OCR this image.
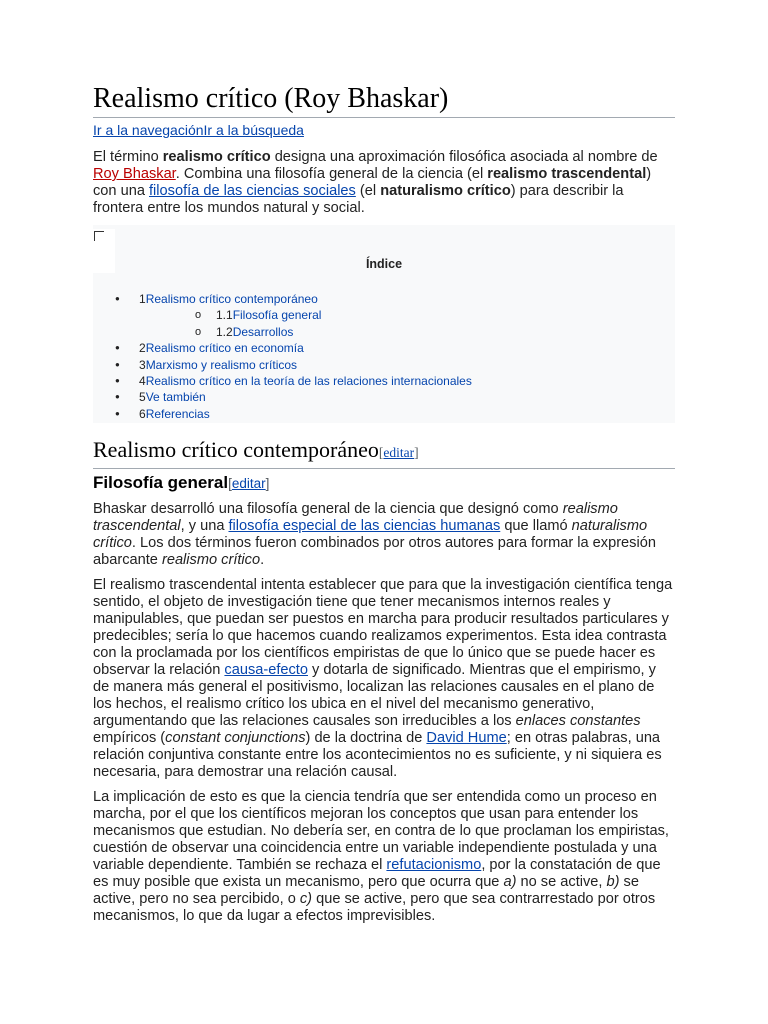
Realismo crítico (Roy Bhaskar)
Ir a la navegaciónIr a la búsqueda

El término realismo crítico designa una aproximación filosófica asociada al nombre de Roy Bhaskar. Combina una filosofía general de la ciencia (el realismo trascendental) con una filosofía de las ciencias sociales (el naturalismo crítico) para describir la frontera entre los mundos natural y social.

Índice
● 1Realismo crítico contemporáneo
o 1.1Filosofía general
o 1.2Desarrollos
● 2Realismo crítico en economía
● 3Marxismo y realismo críticos
● 4Realismo crítico en la teoría de las relaciones internacionales
● 5Ve también
● 6Referencias
Realismo crítico contemporáneo[editar]
Filosofía general[editar]

Bhaskar desarrolló una filosofía general de la ciencia que designó como realismo trascendental, y una filosofía especial de las ciencias humanas que llamó naturalismo crítico. Los dos términos fueron combinados por otros autores para formar la expresión abarcante realismo crítico.

El realismo trascendental intenta establecer que para que la investigación científica tenga sentido, el objeto de investigación tiene que tener mecanismos internos reales y manipulables, que puedan ser puestos en marcha para producir resultados particulares y predecibles; sería lo que hacemos cuando realizamos experimentos. Esta idea contrasta con la proclamada por los científicos empiristas de que lo único que se puede hacer es observar la relación causa-efecto y dotarla de significado. Mientras que el empirismo, y de manera más general el positivismo, localizan las relaciones causales en el plano de los hechos, el realismo crítico los ubica en el nivel del mecanismo generativo, argumentando que las relaciones causales son irreducibles a los enlaces constantes empíricos (constant conjunctions) de la doctrina de David Hume; en otras palabras, una relación conjuntiva constante entre los acontecimientos no es suficiente, y ni siquiera es necesaria, para demostrar una relación causal.

La implicación de esto es que la ciencia tendría que ser entendida como un proceso en marcha, por el que los científicos mejoran los conceptos que usan para entender los mecanismos que estudian. No debería ser, en contra de lo que proclaman los empiristas, cuestión de observar una coincidencia entre un variable independiente postulada y una variable dependiente. También se rechaza el refutacionismo, por la constatación de que es muy posible que exista un mecanismo, pero que ocurra que a) no se active, b) se active, pero no sea percibido, o c) que se active, pero que sea contrarrestado por otros mecanismos, lo que da lugar a efectos imprevisibles.
